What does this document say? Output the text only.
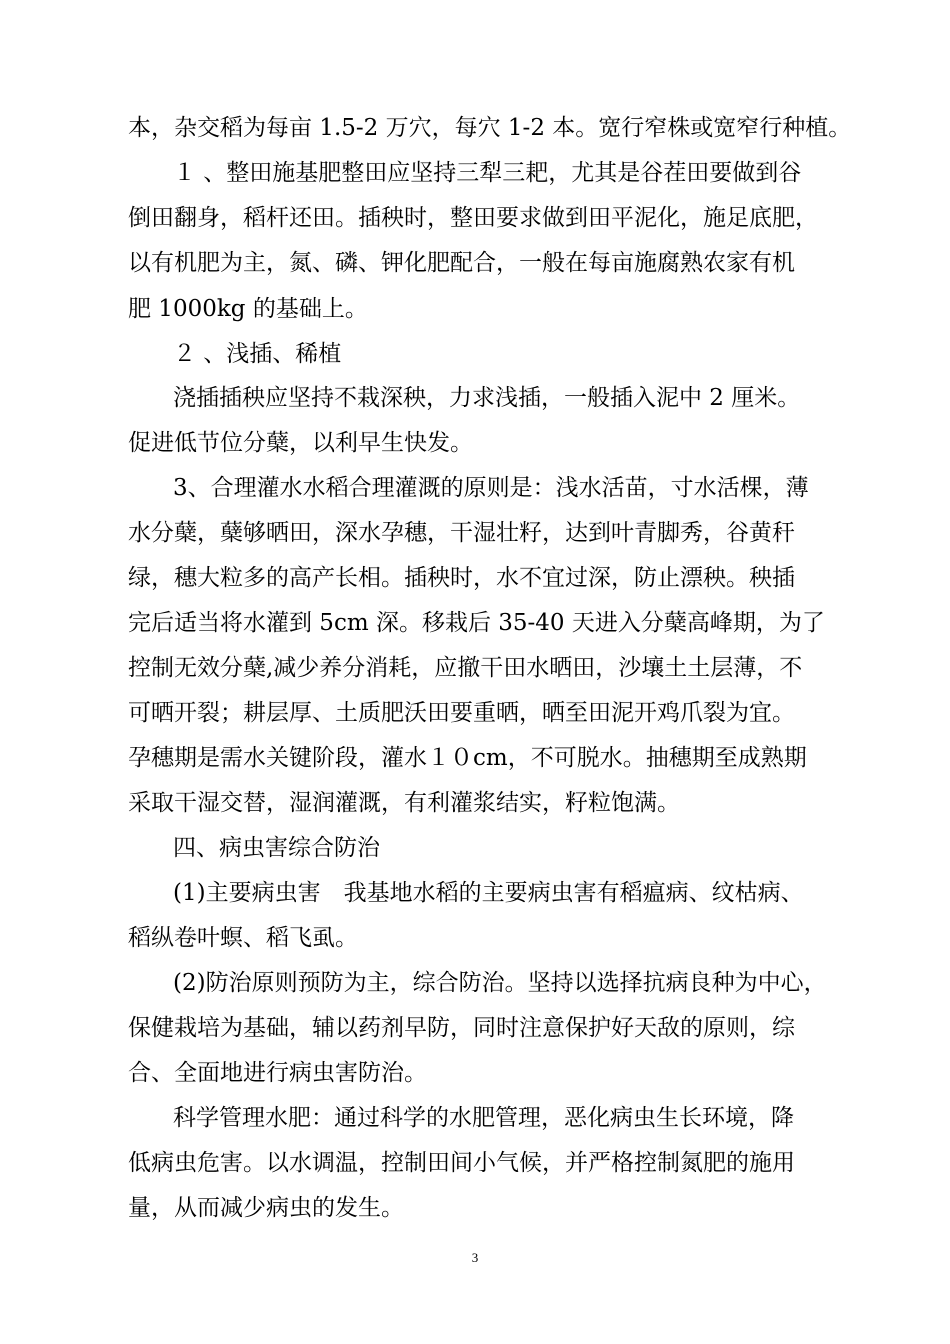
本，杂交稻为每亩 1.5-2 万穴，每穴 1-2 本。宽行窄株或宽窄行种植。
１ 、整田施基肥整田应坚持三犁三耙，尤其是谷茬田要做到谷
倒田翻身，稻杆还田。插秧时，整田要求做到田平泥化，施足底肥，
以有机肥为主，氮、磷、钾化肥配合，一般在每亩施腐熟农家有机
肥 1000kg 的基础上。
２ 、浅插、稀植
浇插插秧应坚持不栽深秧，力求浅插，一般插入泥中 2 厘米。
促进低节位分蘖，以利早生快发。
3、合理灌水水稻合理灌溉的原则是：浅水活苗，寸水活棵，薄
水分蘖，蘖够晒田，深水孕穗，干湿壮籽，达到叶青脚秀，谷黄秆
绿，穗大粒多的高产长相。插秧时，水不宜过深，防止漂秧。秧插
完后适当将水灌到 5cm 深。移栽后 35-40 天进入分蘖高峰期，为了
控制无效分蘖,减少养分消耗，应撤干田水晒田，沙壤土土层薄，不
可晒开裂；耕层厚、土质肥沃田要重晒，晒至田泥开鸡爪裂为宜。
孕穗期是需水关键阶段，灌水１０cm，不可脱水。抽穗期至成熟期
采取干湿交替，湿润灌溉，有利灌浆结实，籽粒饱满。
四、病虫害综合防治
(1)主要病虫害　我基地水稻的主要病虫害有稻瘟病、纹枯病、
稻纵卷叶螟、稻飞虱。
(2)防治原则预防为主，综合防治。坚持以选择抗病良种为中心，
保健栽培为基础，辅以药剂早防，同时注意保护好天敌的原则，综
合、全面地进行病虫害防治。
科学管理水肥：通过科学的水肥管理，恶化病虫生长环境，降
低病虫危害。以水调温，控制田间小气候，并严格控制氮肥的施用
量，从而减少病虫的发生。
3
